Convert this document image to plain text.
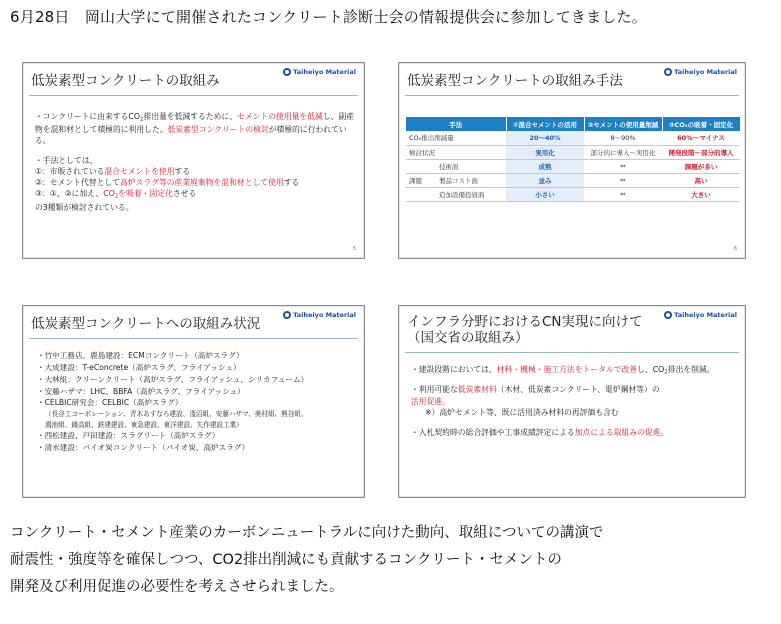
6月28日　岡山大学にて開催されたコンクリート診断士会の情報提供会に参加してきました。
低炭素型コンクリートの取組み
Taiheiyo Material

・コンクリートに由来する$CO_2$排出量を低減するために、セメントの使用量を低減し、副産物を混和材として積極的に利用した、低炭素型コンクリートの検討が積極的に行われている。

・手法としては、

①：市販されている混合セメントを使用する

②：セメント代替として高炉スラグ等の産業廃棄物を混和材として使用する

③：①、②に加え、$CO_2$を吸着・固定化させる

の3種類が検討されている。

5
低炭素型コンクリートの取組み手法
Taiheiyo Material
手法		①混合セメントの活用	②セメントの使用量削減	③CO₂の吸着・固定化
CO₂排出削減量		20〜40%	8〜90%	60%〜マイナス
検討状況		実用化	部分的に導入〜実用化	開発段階〜部分的導入
	技術面	成熟	⇔	課題が多い
課題	製品コスト面	並み	⇔	高い
	追加設備投資面	小さい	⇔	大きい
6
低炭素型コンクリートへの取組み状況
Taiheiyo Material
・竹中工務店、鹿島建設：ECMコンクリート（高炉スラグ）
・大成建設：T-eConcrete（高炉スラグ、フライアッシュ）
・大林組：クリーンクリート（高炉スラグ、フライアッシュ、シリカフューム）
・安藤ハザマ：LHC、BBFA（高炉スラグ、フライアッシュ）
・CELBIC研究会：CELBIC（高炉スラグ）
（長谷工コーポレーション、青木あすなろ建設、淺沼組、安藤ハザマ、奥村組、熊谷組、
鴻池組、錢高組、鉄建建設、東急建設、東洋建設、矢作建設工業）
・西松建設、戸田建設：スラグリート（高炉スラグ）
・清水建設：バイオ炭コンクリート（バイオ炭、高炉スラグ）
インフラ分野におけるCN実現に向けて
（国交省の取組み）
Taiheiyo Material

・建設段階においては、材料・機械・施工方法をトータルで改善し、$CO_2$排出を削減。

・利用可能な低炭素材料（木材、低炭素コンクリート、電炉鋼材等）の
活用促進。

※）高炉セメント等、既に活用済み材料の再評価も含む

・入札契約時の総合評価や工事成績評定による加点による取組みの促進。

コンクリート・セメント産業のカーボンニュートラルに向けた動向、取組についての講演で
耐震性・強度等を確保しつつ、CO2排出削減にも貢献するコンクリート・セメントの
開発及び利用促進の必要性を考えさせられました。
